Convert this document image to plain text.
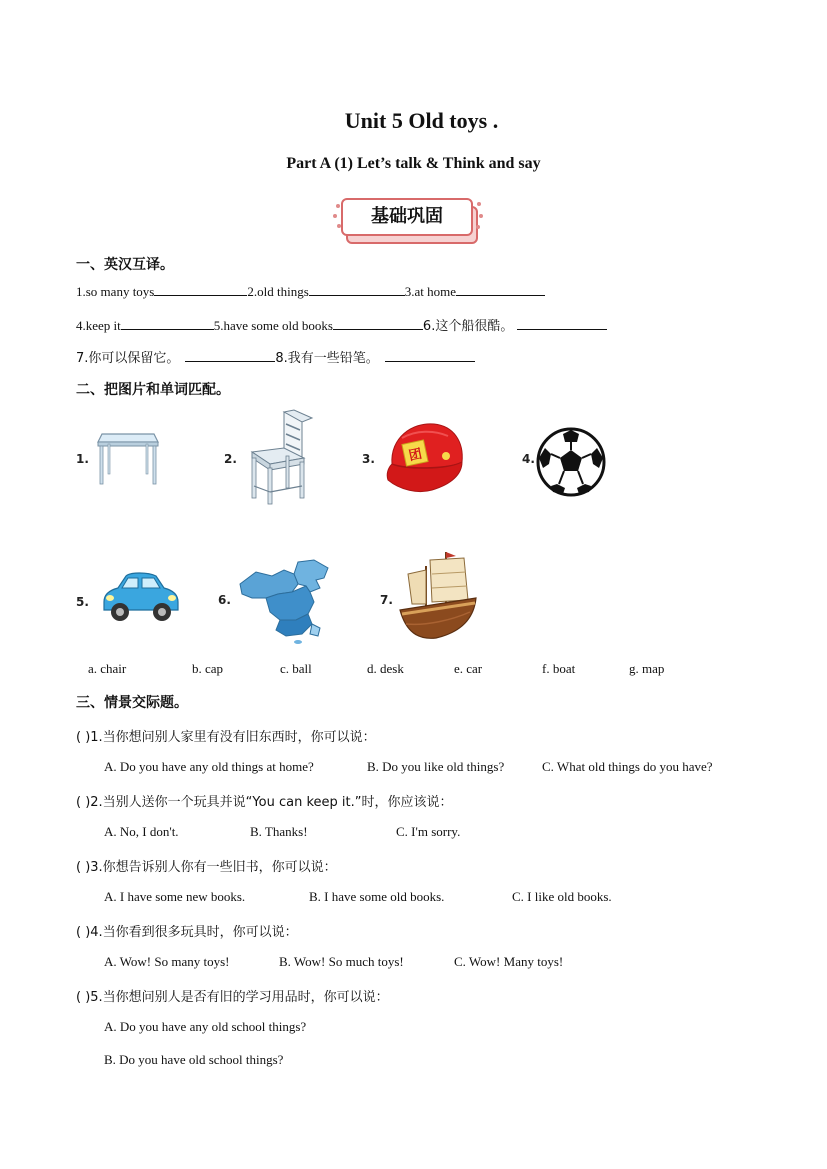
Unit 5 Old toys .
Part A (1) Let’s talk & Think and say
基础巩固
一、英汉互译。
1.so many toys	2.old things	3.at home
4.keep it	5.have some old books	6.这个船很酷。
7.你可以保留它。	8.我有一些铅笔。
二、把图片和单词匹配。
1.	2.	3.	团	4.
5.	6.	7.
a. chair	b. cap	c. ball	d. desk	e. car	f. boat	g. map
三、情景交际题。
( )1.当你想问别人家里有没有旧东西时，你可以说：
A. Do you have any old things at home?	B. Do you like old things?	C. What old things do you have?
( )2.当别人送你一个玩具并说“You can keep it.”时，你应该说：
A. No, I don't.	B. Thanks!	C. I'm sorry.
( )3.你想告诉别人你有一些旧书，你可以说：
A. I have some new books.	B. I have some old books.	C. I like old books.
( )4.当你看到很多玩具时，你可以说：
A. Wow! So many toys!	B. Wow! So much toys!	C. Wow! Many toys!
( )5.当你想问别人是否有旧的学习用品时，你可以说：
A. Do you have any old school things?
B. Do you have old school things?
